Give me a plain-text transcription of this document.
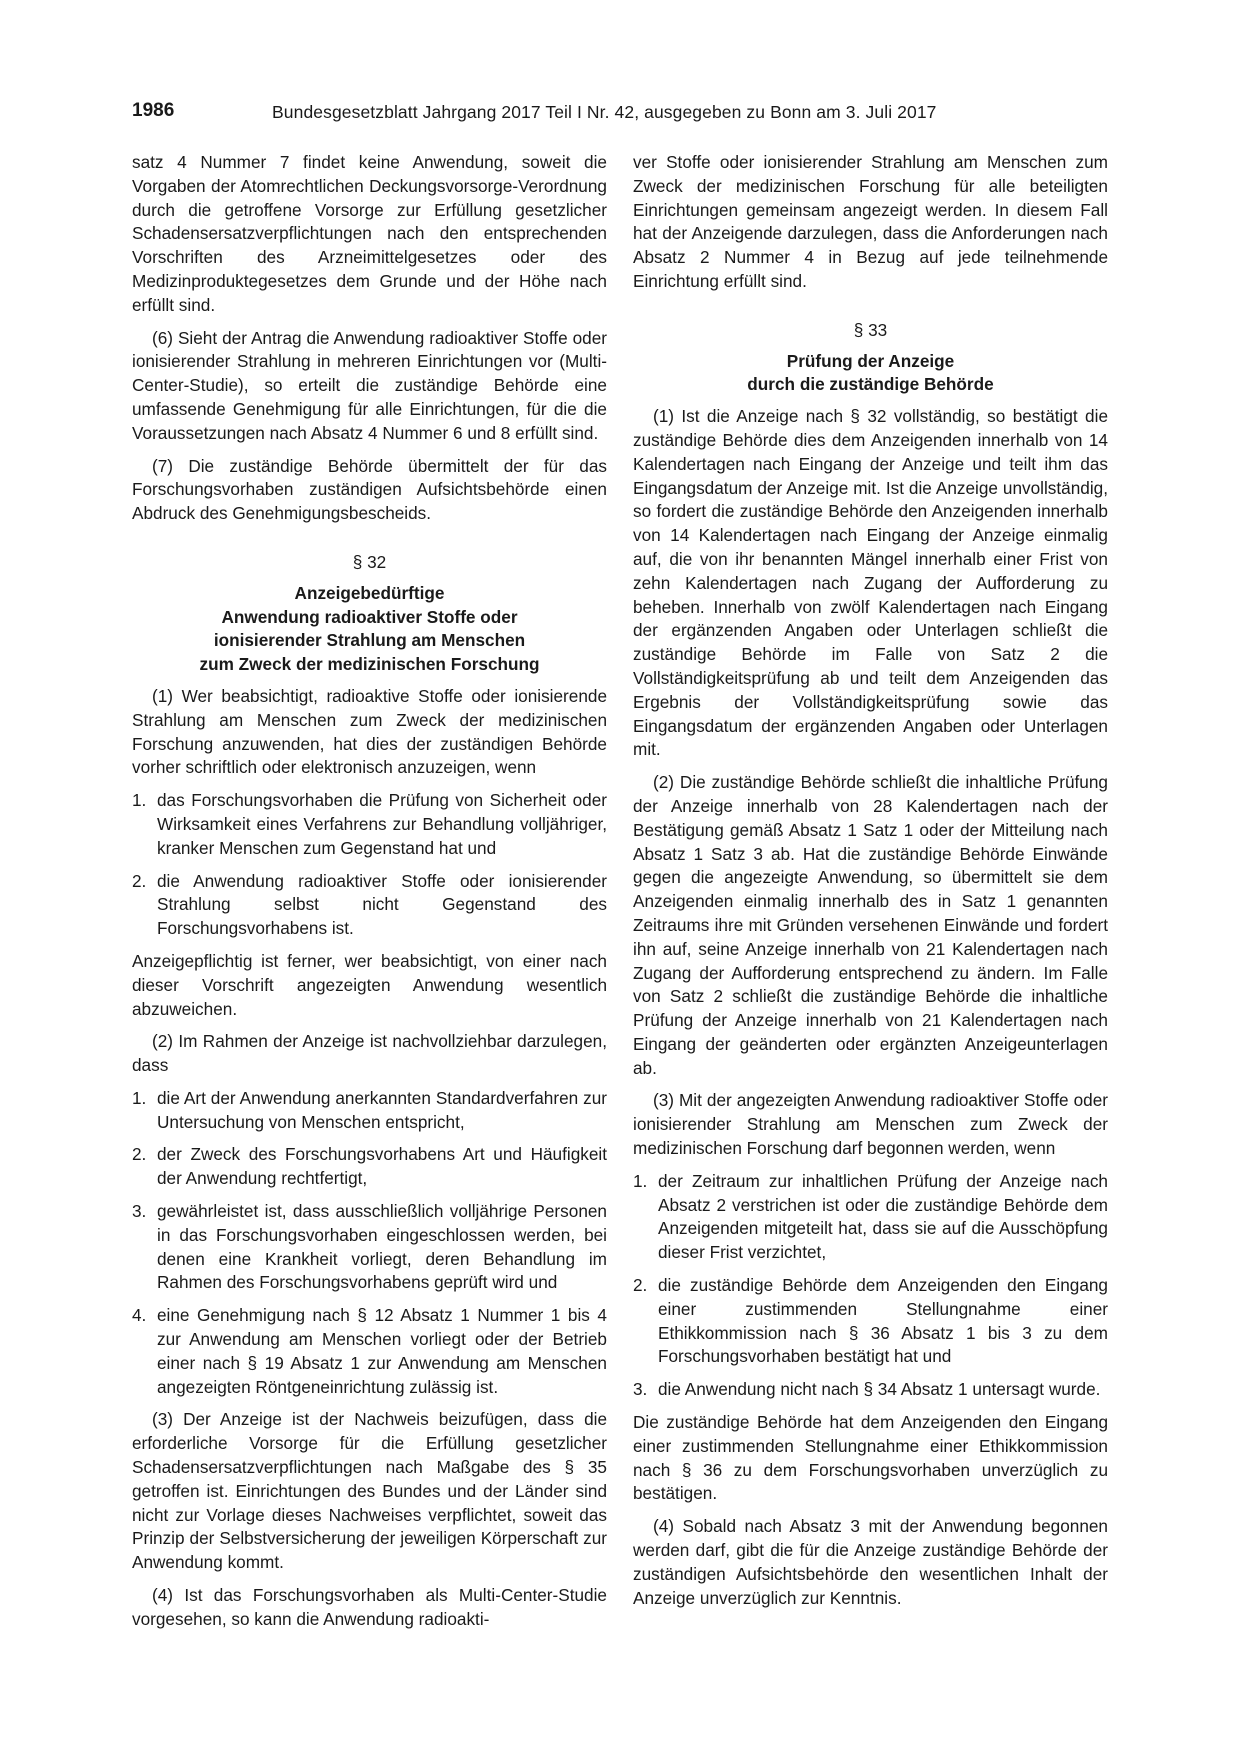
1986	Bundesgesetzblatt Jahrgang 2017 Teil I Nr. 42, ausgegeben zu Bonn am 3. Juli 2017

satz 4 Nummer 7 findet keine Anwendung, soweit die Vorgaben der Atomrechtlichen Deckungsvorsorge-Verordnung durch die getroffene Vorsorge zur Erfüllung gesetzlicher Schadensersatzverpflichtungen nach den entsprechenden Vorschriften des Arzneimittelgesetzes oder des Medizinproduktegesetzes dem Grunde und der Höhe nach erfüllt sind.

(6) Sieht der Antrag die Anwendung radioaktiver Stoffe oder ionisierender Strahlung in mehreren Einrichtungen vor (Multi-Center-Studie), so erteilt die zuständige Behörde eine umfassende Genehmigung für alle Einrichtungen, für die die Voraussetzungen nach Absatz 4 Nummer 6 und 8 erfüllt sind.

(7) Die zuständige Behörde übermittelt der für das Forschungsvorhaben zuständigen Aufsichtsbehörde einen Abdruck des Genehmigungsbescheids.

§ 32
Anzeigebedürftige
Anwendung radioaktiver Stoffe oder
ionisierender Strahlung am Menschen
zum Zweck der medizinischen Forschung

(1) Wer beabsichtigt, radioaktive Stoffe oder ionisierende Strahlung am Menschen zum Zweck der medizinischen Forschung anzuwenden, hat dies der zuständigen Behörde vorher schriftlich oder elektronisch anzuzeigen, wenn

1. das Forschungsvorhaben die Prüfung von Sicherheit oder Wirksamkeit eines Verfahrens zur Behandlung volljähriger, kranker Menschen zum Gegenstand hat und
2. die Anwendung radioaktiver Stoffe oder ionisierender Strahlung selbst nicht Gegenstand des Forschungsvorhabens ist.

Anzeigepflichtig ist ferner, wer beabsichtigt, von einer nach dieser Vorschrift angezeigten Anwendung wesentlich abzuweichen.

(2) Im Rahmen der Anzeige ist nachvollziehbar darzulegen, dass

1. die Art der Anwendung anerkannten Standardverfahren zur Untersuchung von Menschen entspricht,
2. der Zweck des Forschungsvorhabens Art und Häufigkeit der Anwendung rechtfertigt,
3. gewährleistet ist, dass ausschließlich volljährige Personen in das Forschungsvorhaben eingeschlossen werden, bei denen eine Krankheit vorliegt, deren Behandlung im Rahmen des Forschungsvorhabens geprüft wird und
4. eine Genehmigung nach § 12 Absatz 1 Nummer 1 bis 4 zur Anwendung am Menschen vorliegt oder der Betrieb einer nach § 19 Absatz 1 zur Anwendung am Menschen angezeigten Röntgeneinrichtung zulässig ist.

(3) Der Anzeige ist der Nachweis beizufügen, dass die erforderliche Vorsorge für die Erfüllung gesetzlicher Schadensersatzverpflichtungen nach Maßgabe des § 35 getroffen ist. Einrichtungen des Bundes und der Länder sind nicht zur Vorlage dieses Nachweises verpflichtet, soweit das Prinzip der Selbstversicherung der jeweiligen Körperschaft zur Anwendung kommt.

(4) Ist das Forschungsvorhaben als Multi-Center-Studie vorgesehen, so kann die Anwendung radioakti-

ver Stoffe oder ionisierender Strahlung am Menschen zum Zweck der medizinischen Forschung für alle beteiligten Einrichtungen gemeinsam angezeigt werden. In diesem Fall hat der Anzeigende darzulegen, dass die Anforderungen nach Absatz 2 Nummer 4 in Bezug auf jede teilnehmende Einrichtung erfüllt sind.

§ 33
Prüfung der Anzeige
durch die zuständige Behörde

(1) Ist die Anzeige nach § 32 vollständig, so bestätigt die zuständige Behörde dies dem Anzeigenden innerhalb von 14 Kalendertagen nach Eingang der Anzeige und teilt ihm das Eingangsdatum der Anzeige mit. Ist die Anzeige unvollständig, so fordert die zuständige Behörde den Anzeigenden innerhalb von 14 Kalendertagen nach Eingang der Anzeige einmalig auf, die von ihr benannten Mängel innerhalb einer Frist von zehn Kalendertagen nach Zugang der Aufforderung zu beheben. Innerhalb von zwölf Kalendertagen nach Eingang der ergänzenden Angaben oder Unterlagen schließt die zuständige Behörde im Falle von Satz 2 die Vollständigkeitsprüfung ab und teilt dem Anzeigenden das Ergebnis der Vollständigkeitsprüfung sowie das Eingangsdatum der ergänzenden Angaben oder Unterlagen mit.

(2) Die zuständige Behörde schließt die inhaltliche Prüfung der Anzeige innerhalb von 28 Kalendertagen nach der Bestätigung gemäß Absatz 1 Satz 1 oder der Mitteilung nach Absatz 1 Satz 3 ab. Hat die zuständige Behörde Einwände gegen die angezeigte Anwendung, so übermittelt sie dem Anzeigenden einmalig innerhalb des in Satz 1 genannten Zeitraums ihre mit Gründen versehenen Einwände und fordert ihn auf, seine Anzeige innerhalb von 21 Kalendertagen nach Zugang der Aufforderung entsprechend zu ändern. Im Falle von Satz 2 schließt die zuständige Behörde die inhaltliche Prüfung der Anzeige innerhalb von 21 Kalendertagen nach Eingang der geänderten oder ergänzten Anzeigeunterlagen ab.

(3) Mit der angezeigten Anwendung radioaktiver Stoffe oder ionisierender Strahlung am Menschen zum Zweck der medizinischen Forschung darf begonnen werden, wenn

1. der Zeitraum zur inhaltlichen Prüfung der Anzeige nach Absatz 2 verstrichen ist oder die zuständige Behörde dem Anzeigenden mitgeteilt hat, dass sie auf die Ausschöpfung dieser Frist verzichtet,
2. die zuständige Behörde dem Anzeigenden den Eingang einer zustimmenden Stellungnahme einer Ethikkommission nach § 36 Absatz 1 bis 3 zu dem Forschungsvorhaben bestätigt hat und
3. die Anwendung nicht nach § 34 Absatz 1 untersagt wurde.

Die zuständige Behörde hat dem Anzeigenden den Eingang einer zustimmenden Stellungnahme einer Ethikkommission nach § 36 zu dem Forschungsvorhaben unverzüglich zu bestätigen.

(4) Sobald nach Absatz 3 mit der Anwendung begonnen werden darf, gibt die für die Anzeige zuständige Behörde der zuständigen Aufsichtsbehörde den wesentlichen Inhalt der Anzeige unverzüglich zur Kenntnis.
